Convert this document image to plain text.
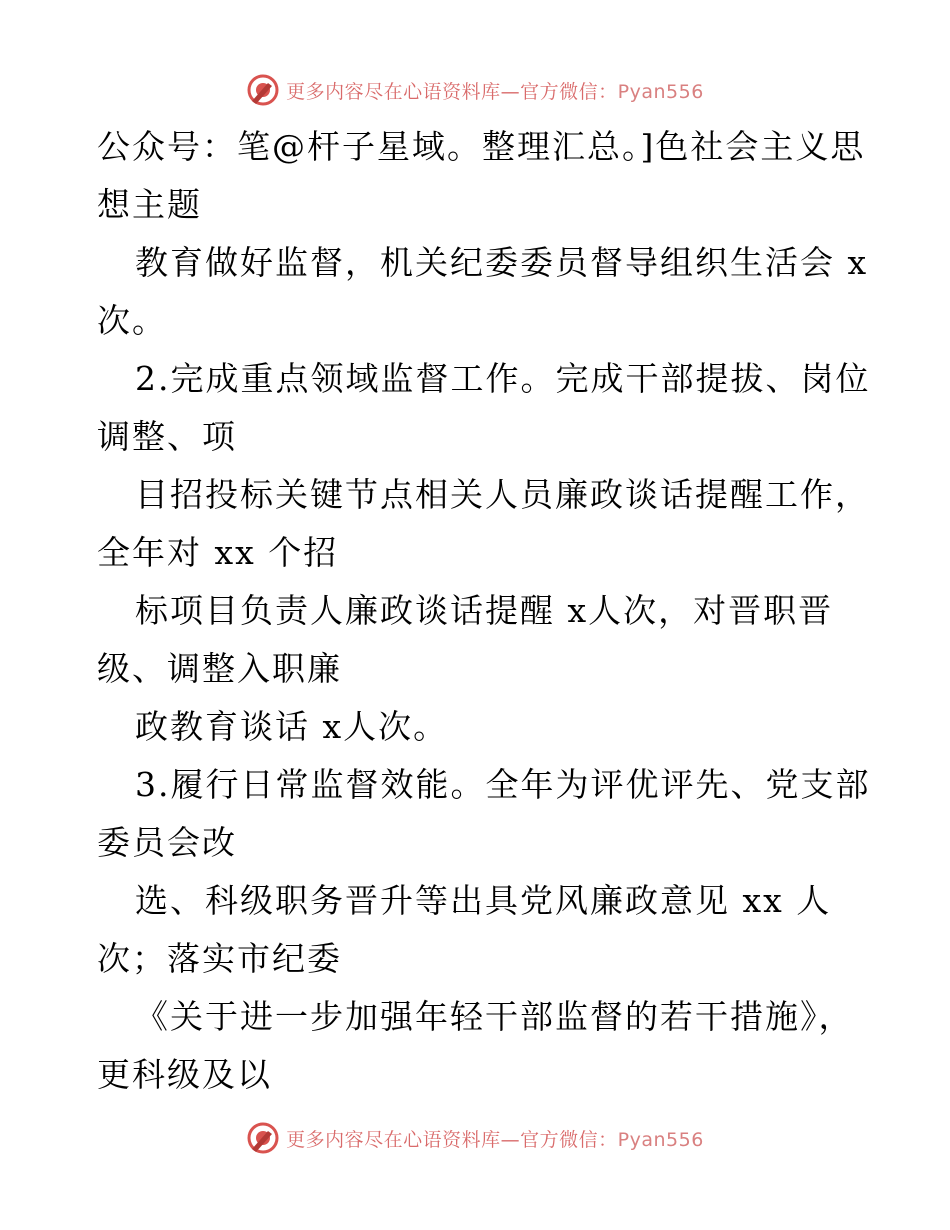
更多内容尽在心语资料库—官方微信：Pyan556
公众号：笔@杆子星域。整理汇总。]色社会主义思
想主题
教育做好监督，机关纪委委员督导组织生活会 x
次。
2.完成重点领域监督工作。完成干部提拔、岗位
调整、项
目招投标关键节点相关人员廉政谈话提醒工作，
全年对 xx 个招
标项目负责人廉政谈话提醒 x人次，对晋职晋
级、调整入职廉
政教育谈话 x人次。
3.履行日常监督效能。全年为评优评先、党支部
委员会改
选、科级职务晋升等出具党风廉政意见 xx 人
次；落实市纪委
《关于进一步加强年轻干部监督的若干措施》，
更科级及以
更多内容尽在心语资料库—官方微信：Pyan556
